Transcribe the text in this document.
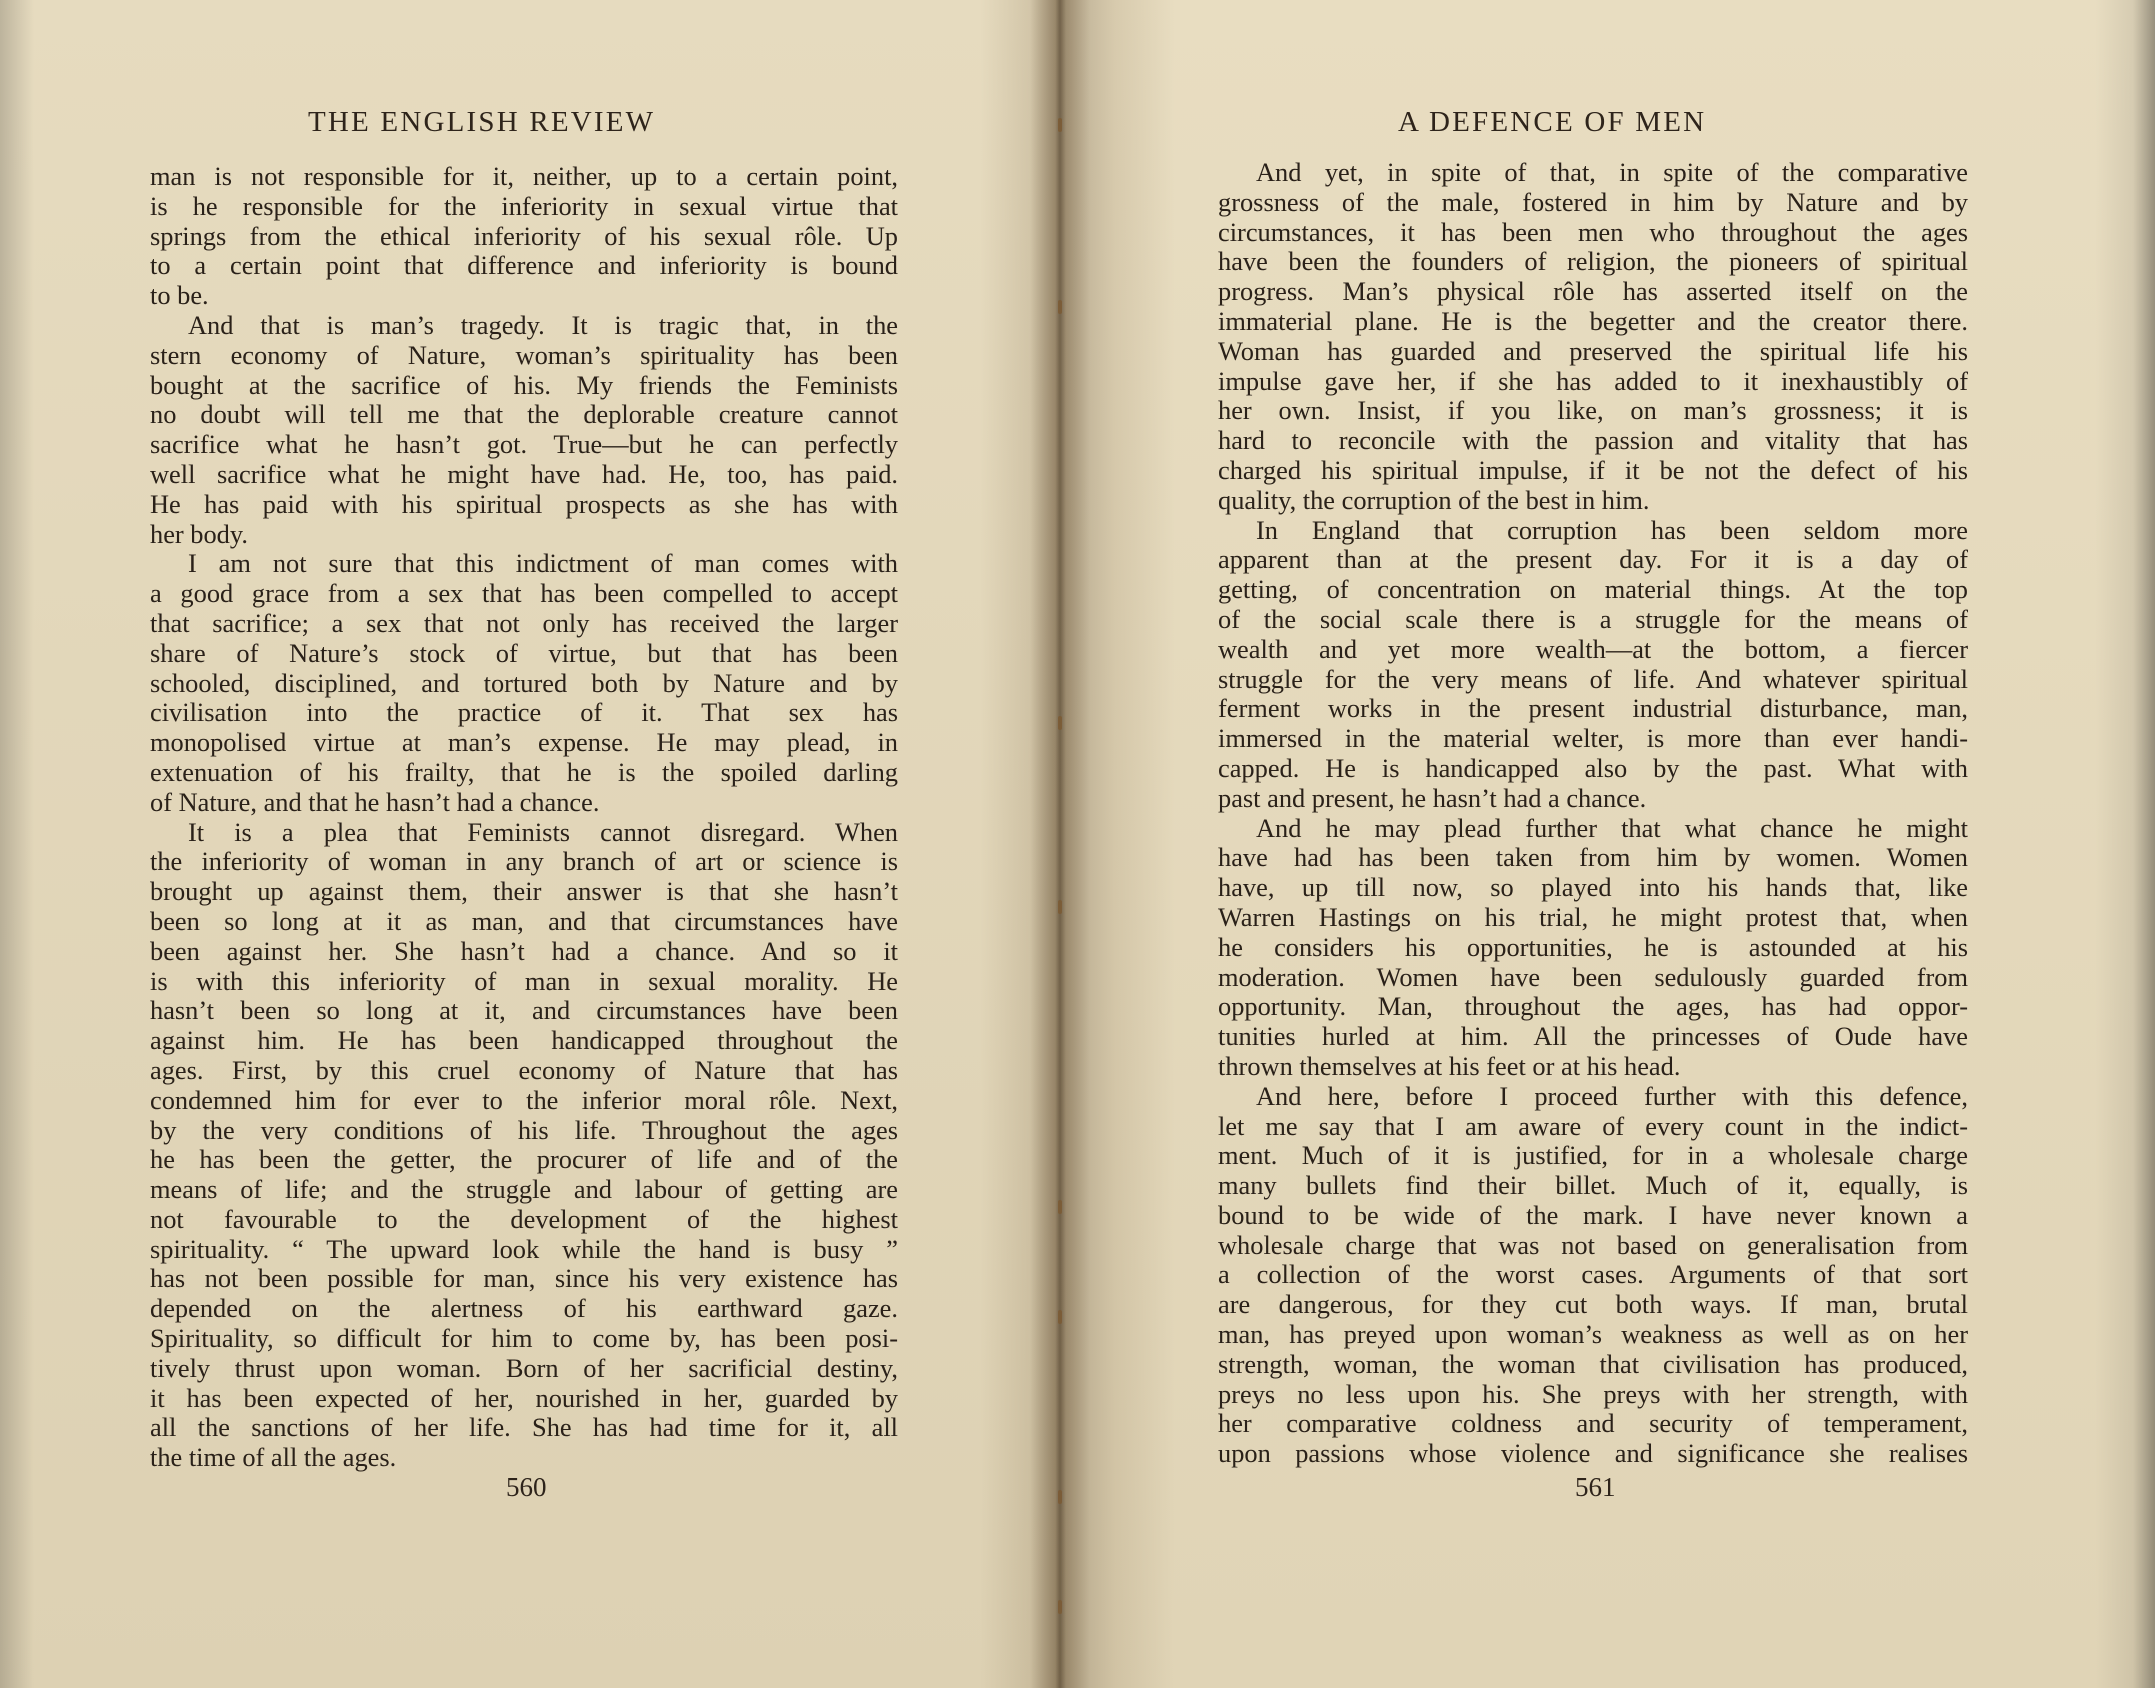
THE ENGLISH REVIEW
man is not responsible for it, neither, up to a certain point,
is he responsible for the inferiority in sexual virtue that
springs from the ethical inferiority of his sexual rôle. Up
to a certain point that difference and inferiority is bound
to be.
And that is man’s tragedy. It is tragic that, in the
stern economy of Nature, woman’s spirituality has been
bought at the sacrifice of his. My friends the Feminists
no doubt will tell me that the deplorable creature cannot
sacrifice what he hasn’t got. True—but he can perfectly
well sacrifice what he might have had. He, too, has paid.
He has paid with his spiritual prospects as she has with
her body.
I am not sure that this indictment of man comes with
a good grace from a sex that has been compelled to accept
that sacrifice; a sex that not only has received the larger
share of Nature’s stock of virtue, but that has been
schooled, disciplined, and tortured both by Nature and by
civilisation into the practice of it. That sex has
monopolised virtue at man’s expense. He may plead, in
extenuation of his frailty, that he is the spoiled darling
of Nature, and that he hasn’t had a chance.
It is a plea that Feminists cannot disregard. When
the inferiority of woman in any branch of art or science is
brought up against them, their answer is that she hasn’t
been so long at it as man, and that circumstances have
been against her. She hasn’t had a chance. And so it
is with this inferiority of man in sexual morality. He
hasn’t been so long at it, and circumstances have been
against him. He has been handicapped throughout the
ages. First, by this cruel economy of Nature that has
condemned him for ever to the inferior moral rôle. Next,
by the very conditions of his life. Throughout the ages
he has been the getter, the procurer of life and of the
means of life; and the struggle and labour of getting are
not favourable to the development of the highest
spirituality. “ The upward look while the hand is busy ”
has not been possible for man, since his very existence has
depended on the alertness of his earthward gaze.
Spirituality, so difficult for him to come by, has been posi-
tively thrust upon woman. Born of her sacrificial destiny,
it has been expected of her, nourished in her, guarded by
all the sanctions of her life. She has had time for it, all
the time of all the ages.
560
A DEFENCE OF MEN
And yet, in spite of that, in spite of the comparative
grossness of the male, fostered in him by Nature and by
circumstances, it has been men who throughout the ages
have been the founders of religion, the pioneers of spiritual
progress. Man’s physical rôle has asserted itself on the
immaterial plane. He is the begetter and the creator there.
Woman has guarded and preserved the spiritual life his
impulse gave her, if she has added to it inexhaustibly of
her own. Insist, if you like, on man’s grossness; it is
hard to reconcile with the passion and vitality that has
charged his spiritual impulse, if it be not the defect of his
quality, the corruption of the best in him.
In England that corruption has been seldom more
apparent than at the present day. For it is a day of
getting, of concentration on material things. At the top
of the social scale there is a struggle for the means of
wealth and yet more wealth—at the bottom, a fiercer
struggle for the very means of life. And whatever spiritual
ferment works in the present industrial disturbance, man,
immersed in the material welter, is more than ever handi-
capped. He is handicapped also by the past. What with
past and present, he hasn’t had a chance.
And he may plead further that what chance he might
have had has been taken from him by women. Women
have, up till now, so played into his hands that, like
Warren Hastings on his trial, he might protest that, when
he considers his opportunities, he is astounded at his
moderation. Women have been sedulously guarded from
opportunity. Man, throughout the ages, has had oppor-
tunities hurled at him. All the princesses of Oude have
thrown themselves at his feet or at his head.
And here, before I proceed further with this defence,
let me say that I am aware of every count in the indict-
ment. Much of it is justified, for in a wholesale charge
many bullets find their billet. Much of it, equally, is
bound to be wide of the mark. I have never known a
wholesale charge that was not based on generalisation from
a collection of the worst cases. Arguments of that sort
are dangerous, for they cut both ways. If man, brutal
man, has preyed upon woman’s weakness as well as on her
strength, woman, the woman that civilisation has produced,
preys no less upon his. She preys with her strength, with
her comparative coldness and security of temperament,
upon passions whose violence and significance she realises
561
